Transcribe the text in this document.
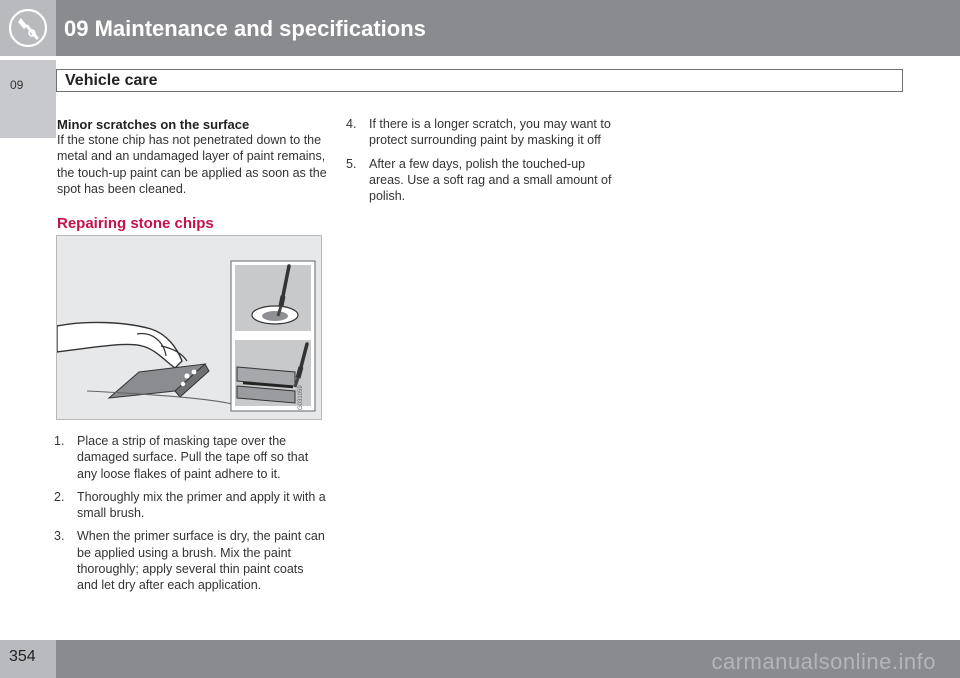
09 Maintenance and specifications
09	Vehicle care
Minor scratches on the surface
If the stone chip has not penetrated down to the metal and an undamaged layer of paint remains, the touch-up paint can be applied as soon as the spot has been cleaned.
Repairing stone chips
G031059
1.	Place a strip of masking tape over the damaged surface. Pull the tape off so that any loose flakes of paint adhere to it.
2.	Thoroughly mix the primer and apply it with a small brush.
3.	When the primer surface is dry, the paint can be applied using a brush. Mix the paint thoroughly; apply several thin paint coats and let dry after each application.
4.	If there is a longer scratch, you may want to protect surrounding paint by masking it off
5.	After a few days, polish the touched-up areas. Use a soft rag and a small amount of polish.
354	carmanualsonline.info
